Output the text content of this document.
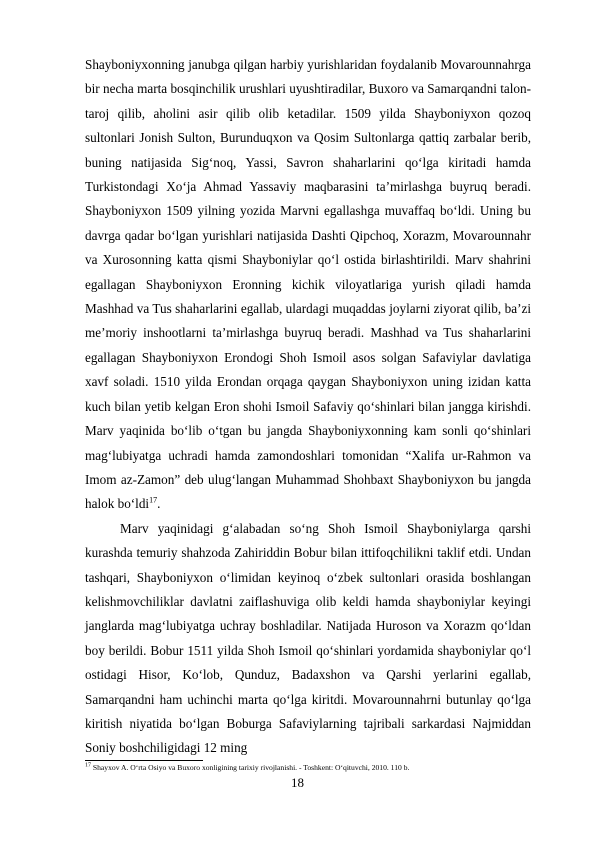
Shayboniyxonning janubga qilgan harbiy yurishlaridan foydalanib Movarounnahrga bir necha marta bosqinchilik urushlari uyushtiradilar, Buxoro va Samarqandni talon-taroj qilib, aholini asir qilib olib ketadilar. 1509 yilda Shayboniyxon qozoq sultonlari Jonish Sulton, Burunduqxon va Qosim Sultonlarga qattiq zarbalar berib, buning natijasida Sig‘noq, Yassi, Savron shaharlarini qo‘lga kiritadi hamda Turkistondagi Xo‘ja Ahmad Yassaviy maqbarasini ta’mirlashga buyruq beradi. Shayboniyxon 1509 yilning yozida Marvni egallashga muvaffaq bo‘ldi. Uning bu davrga qadar bo‘lgan yurishlari natijasida Dashti Qipchoq, Xorazm, Movarounnahr va Xurosonning katta qismi Shayboniylar qo‘l ostida birlashtirildi. Marv shahrini egallagan Shayboniyxon Eronning kichik viloyatlariga yurish qiladi hamda Mashhad va Tus shaharlarini egallab, ulardagi muqaddas joylarni ziyorat qilib, ba’zi me’moriy inshootlarni ta’mirlashga buyruq beradi. Mashhad va Tus shaharlarini egallagan Shayboniyxon Erondogi Shoh Ismoil asos solgan Safaviylar davlatiga xavf soladi. 1510 yilda Erondan orqaga qaygan Shayboniyxon uning izidan katta kuch bilan yetib kelgan Eron shohi Ismoil Safaviy qo‘shinlari bilan jangga kirishdi. Marv yaqinida bo‘lib o‘tgan bu jangda Shayboniyxonning kam sonli qo‘shinlari mag‘lubiyatga uchradi hamda zamondoshlari tomonidan “Xalifa ur-Rahmon va Imom az-Zamon” deb ulug‘langan Muhammad Shohbaxt Shayboniyxon bu jangda halok bo‘ldi$^{17}$.

Marv yaqinidagi g‘alabadan so‘ng Shoh Ismoil Shayboniylarga qarshi kurashda temuriy shahzoda Zahiriddin Bobur bilan ittifoqchilikni taklif etdi. Undan tashqari, Shayboniyxon o‘limidan keyinoq o‘zbek sultonlari orasida boshlangan kelishmovchiliklar davlatni zaiflashuviga olib keldi hamda shayboniylar keyingi janglarda mag‘lubiyatga uchray boshladilar. Natijada Huroson va Xorazm qo‘ldan boy berildi. Bobur 1511 yilda Shoh Ismoil qo‘shinlari yordamida shayboniylar qo‘l ostidagi Hisor, Ko‘lob, Qunduz, Badaxshon va Qarshi yerlarini egallab, Samarqandni ham uchinchi marta qo‘lga kiritdi. Movarounnahrni butunlay qo‘lga kiritish niyatida bo‘lgan Boburga Safaviylarning tajribali sarkardasi Najmiddan Soniy boshchiligidagi 12 ming

$^{17}$ Shayxov A. O‘rta Osiyo va Buxoro xonligining tarixiy rivojlanishi. - Toshkent: O‘qituvchi, 2010. 110 b.
18
